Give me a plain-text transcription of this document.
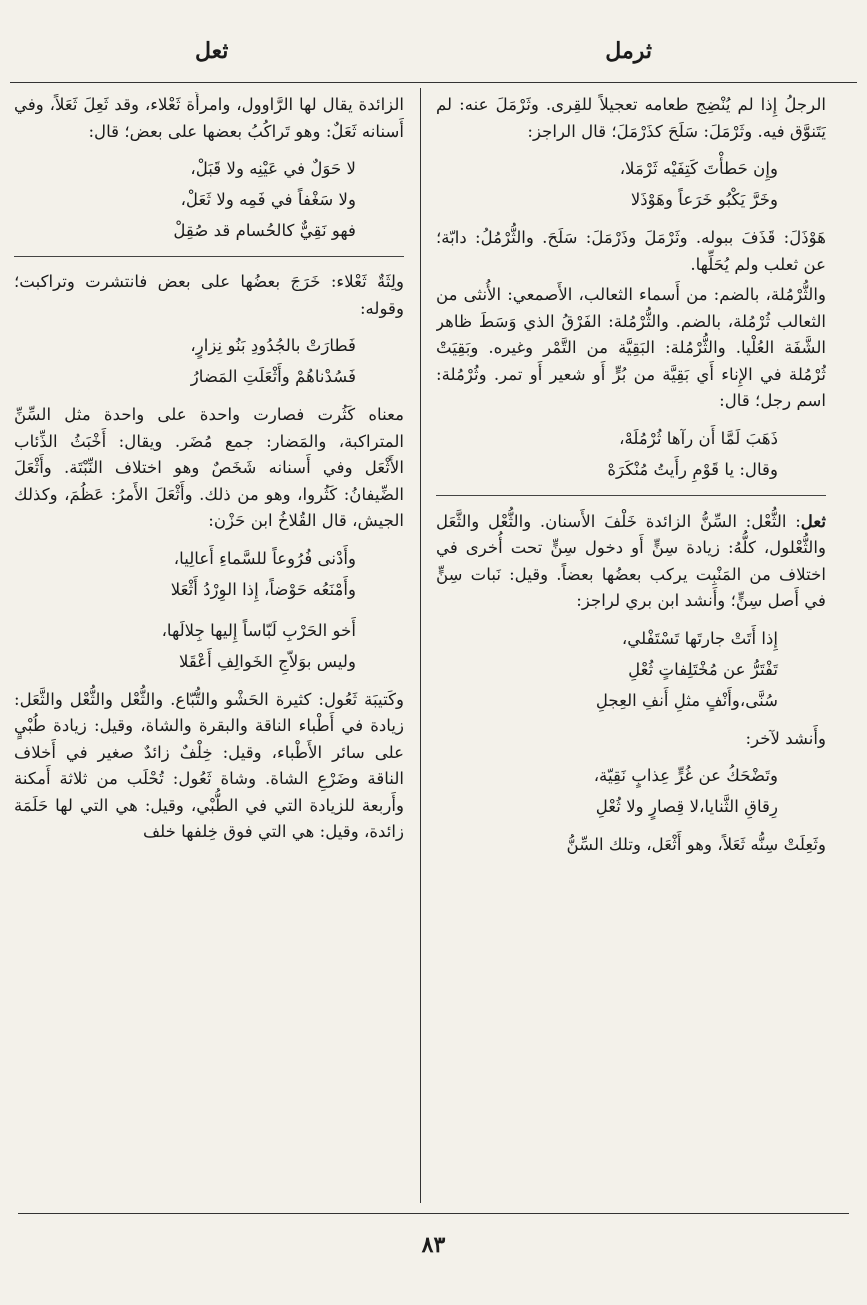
ثرمل
ثعل

الرجلُ إِذا لم يُنْضِج طعامه تعجيلاً للقِرى. وثَرْمَلَ عنه: لم يَتَنوَّق فيه. وثَرْمَلَ: سَلَحَ كذَرْمَلَ؛ قال الراجز:

وإِن حَطأْتَ كَتِفَيْه ثَرْمَلا،
وخَرَّ يَكْبُو خَرَعاً وهَوْذَلا

هَوْذَلَ: قَذَفَ ببوله. وثَرْمَلَ وذَرْمَلَ: سَلَحَ. والثُّرْمُلُ: دابّة؛ عن ثعلب ولم يُحَلِّها.

والثُّرْمُلة، بالضم: من أَسماء الثعالب، الأَصمعي: الأُنثى من الثعالب ثُرْمُلة، بالضم. والثُّرْمُلة: الفَرْقُ الذي وَسَطَ ظاهر الشَّفَة العُلْيا. والثُّرْمُلة: البَقِيَّة من التَّمْر وغيره. وبَقِيَتْ ثُرْمُلة في الإِناء أَي بَقِيَّة من بُرٍّ أَو شعير أَو تمر. وثُرْمُلة: اسم رجل؛ قال:

ذَهَبَ لَمَّا أَن رآها ثُرْمُلَهْ،
وقال: يا قَوْمِ رأَيتُ مُنْكَرَهْ

ثعل: الثُّعْل: السِّنُّ الزائدة خَلْفَ الأَسنان. والثُّعْل والثَّعَل والثُّعْلول، كلُّهُ: زيادة سِنٍّ أَو دخول سِنٍّ تحت أُخرى في اختلاف من المَنْبِت يركب بعضُها بعضاً. وقيل: نَبات سِنٍّ في أَصل سِنٍّ؛ وأَنشد ابن بري لراجز:

إِذا أَتَتْ جارتَها تَسْتَفْلي،
تَفْتَرُّ عن مُخْتَلِفاتٍ ثُعْلِ
سُنَّى،وأَنْفٍ مثلِ أَنفِ العِجلِ

وأَنشد لآخر:

وتَضْحَكُ عن غُرٍّ عِذابٍ نَقِيّة،
رِقاقِ الثَّنايا،لا قِصارٍ ولا ثُعْلِ

وثَعِلَتْ سِنُّه ثَعَلاً، وهو أَثْعَل، وتلك السِّنُّ

الزائدة يقال لها الرَّاوول، وامرأَة ثَعْلاء، وقد ثَعِلَ ثَعَلاً، وفي أَسنانه ثَعَلٌ: وهو تَراكُبُ بعضها على بعض؛ قال:

لا حَوَلٌ في عَيْنِه ولا قَبَلْ،
ولا سَغْفاً في فَمِه ولا ثَعَلْ،
فهو نَقِيٌّ كالحُسام قد صُقِلْ

ولِثَةٌ ثَعْلاء: خَرَجَ بعضُها على بعض فانتشرت وتراكبت؛ وقوله:

فَطارَتْ بالجُدُودِ بَنُو نِزارٍ،
فَسُدْناهُمْ وأَثْعَلَتِ المَضارُ

معناه كَثُرت فصارت واحدة على واحدة مثل السِّنِّ المتراكبة، والمَضار: جمع مُضَر. ويقال: أَخْبَثُ الذِّئاب الأَثْعَل وفي أَسنانه شَخَصٌ وهو اختلاف النِّبْتَة. وأَثْعَلَ الضِّيفانُ: كَثُروا، وهو من ذلك. وأَثْعَلَ الأَمرُ: عَظُمَ، وكذلك الجيش، قال القُلاخُ ابن حَزْن:

وأَدْنى فُرُوعاً للسَّماءِ أَعالِيا،
وأَمْنَعُه حَوْضاً، إِذا الوِرْدُ أَثْعَلا
أَخو الحَرْبِ لَبّاساً إِليها جِلالَها،
وليس بوَلاّجِ الخَوالِفِ أَعْقَلا

وكَتيبَة ثَعُول: كثيرة الحَشْو والتُّبّاع. والثُّعْل والثُّعْل والثَّعَل: زيادة في أَطْباء الناقة والبقرة والشاة، وقيل: زيادة طُبْيٍ على سائر الأَطْباء، وقيل: خِلْفٌ زائدٌ صغير في أَخلاف الناقة وضَرْعِ الشاة. وشاة ثَعُول: تُحْلَب من ثلاثة أَمكنة وأَربعة للزيادة التي في الطُّبْي، وقيل: هي التي لها حَلَمَة زائدة، وقيل: هي التي فوق خِلفها خلف

٨٣
